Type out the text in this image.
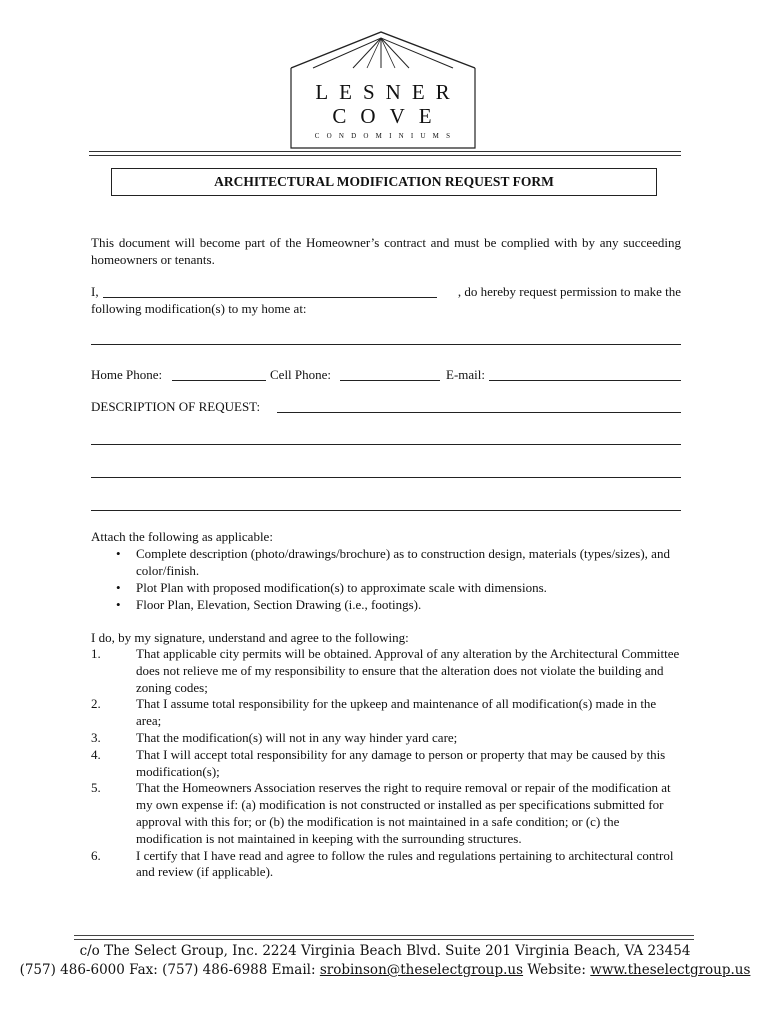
LESNER
COVE
CONDOMINIUMS
ARCHITECTURAL MODIFICATION REQUEST FORM
This document will become part of the Homeowner’s contract and must be complied with by any succeeding homeowners or tenants.
I,	, do hereby request permission to make the
following modification(s) to my home at:
Home Phone:	Cell Phone:	E-mail:
DESCRIPTION OF REQUEST:
Attach the following as applicable:
• Complete description (photo/drawings/brochure) as to construction design, materials (types/sizes), and color/finish.
• Plot Plan with proposed modification(s) to approximate scale with dimensions.
• Floor Plan, Elevation, Section Drawing (i.e., footings).
I do, by my signature, understand and agree to the following:
1.	That applicable city permits will be obtained. Approval of any alteration by the Architectural Committee does not relieve me of my responsibility to ensure that the alteration does not violate the building and zoning codes;
2.	That I assume total responsibility for the upkeep and maintenance of all modification(s) made in the area;
3.	That the modification(s) will not in any way hinder yard care;
4.	That I will accept total responsibility for any damage to person or property that may be caused by this modification(s);
5.	That the Homeowners Association reserves the right to require removal or repair of the modification at my own expense if: (a) modification is not constructed or installed as per specifications submitted for approval with this for; or (b) the modification is not maintained in a safe condition; or (c) the modification is not maintained in keeping with the surrounding structures.
6.	I certify that I have read and agree to follow the rules and regulations pertaining to architectural control and review (if applicable).
c/o The Select Group, Inc. 2224 Virginia Beach Blvd. Suite 201 Virginia Beach, VA 23454
(757) 486-6000 Fax: (757) 486-6988 Email: srobinson@theselectgroup.us Website: www.theselectgroup.us
